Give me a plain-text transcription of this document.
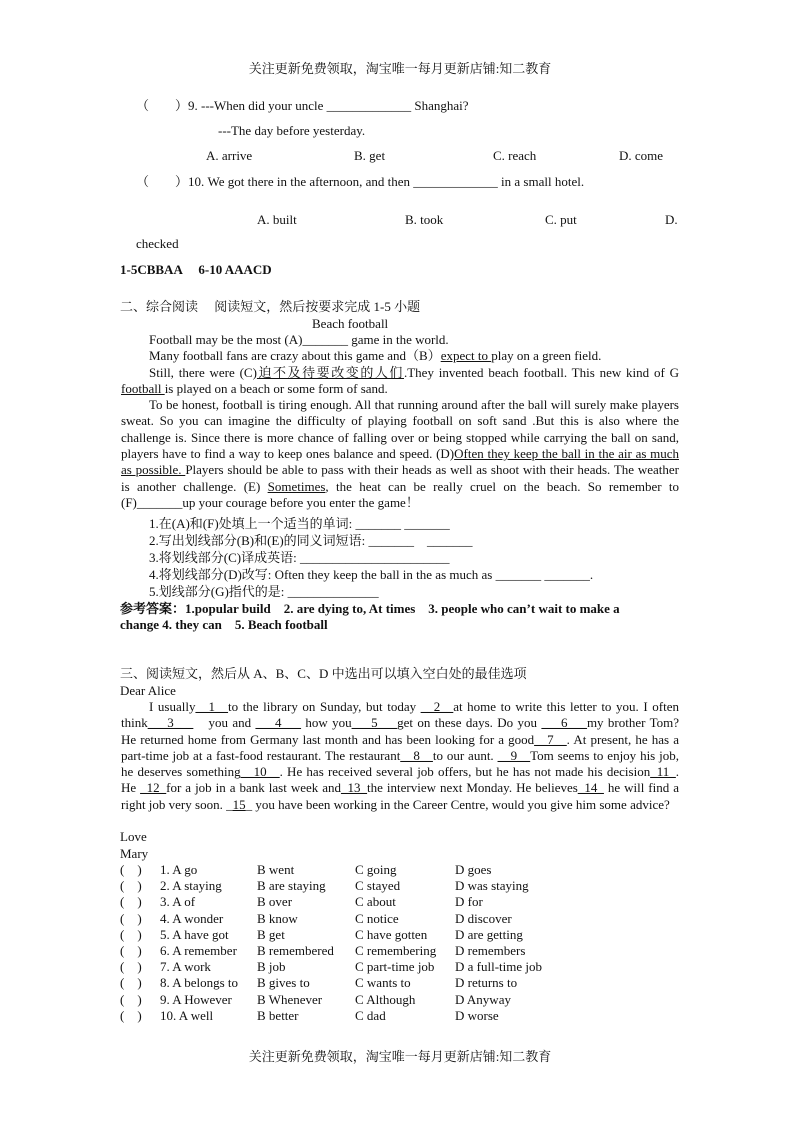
关注更新免费领取，淘宝唯一每月更新店铺:知二教育
（　　）9. ---When did your uncle _____________ Shanghai?
---The day before yesterday.
A. arrive	B. get	C. reach	D. come
（　　）10. We got there in the afternoon, and then _____________ in a small hotel.
A. built	B. took	C. put	D.
checked
1-5CBBAA　 6-10 AAACD
二、综合阅读　 阅读短文，然后按要求完成 1-5 小题
Beach football

Football may be the most (A)_______ game in the world.

Many football fans are crazy about this game and（B）expect to play on a green field.

Still, there were (C)迫不及待要改变的人们.They invented beach football. This new kind of G football is played on a beach or some form of sand.

To be honest, football is tiring enough. All that running around after the ball will surely make players sweat. So you can imagine the difficulty of playing football on soft sand .But this is also where the challenge is. Since there is more chance of falling over or being stopped while carrying the ball on sand, players have to find a way to keep ones balance and speed. (D)Often they keep the ball in the air as much as possible. Players should be able to pass with their heads as well as shoot with their heads. The weather is another challenge. (E) Sometimes, the heat can be really cruel on the beach. So remember to (F)_______up your courage before you enter the game！

1.在(A)和(F)处填上一个适当的单词: _______ _______
2.写出划线部分(B)和(E)的同义词短语: _______　_______
3.将划线部分(C)译成英语: _______________________
4.将划线部分(D)改写: Often they keep the ball in the as much as _______ _______.
5.划线部分(G)指代的是: ______________
参考答案：1.popular build　2. are dying to, At times　3. people who can’t wait to make a
change 4. they can　5. Beach football
三、阅读短文，然后从 A、B、C、D 中选出可以填入空白处的最佳选项
Dear Alice

I usually__1__to the library on Sunday, but today __2__at home to write this letter to you. I often think___3___　you and ___4___ how you___5___get on these days. Do you ___6___my brother Tom? He returned home from Germany last month and has been looking for a good__7__. At present, he has a part-time job at a fast-food restaurant. The restaurant__8__to our aunt. __9__Tom seems to enjoy his job, he deserves something__10__. He has received several job offers, but he has not made his decision_11_. He _12_for a job in a bank last week and_13_the interview next Monday. He believes_14_ he will find a right job very soon. _15_ you have been working in the Career Centre, would you give him some advice?

Love
Mary
(　) 1. A go	B went	C going	D goes
(　) 2. A staying	B are staying C stayed	D was staying
(　) 3. A of	B over	C about	D for
(　) 4. A wonder	B know	C notice	D discover
(　) 5. A have got B get	C have gotten D are getting
(　) 6. A remember B remembered C remembering D remembers
(　) 7. A work	B job	C part-time job D a full-time job
(　) 8. A belongs to B gives to	C wants to	D returns to
(　) 9. A However B Whenever	C Although	D Anyway
(　) 10. A well	B better	C dad	D worse
关注更新免费领取，淘宝唯一每月更新店铺:知二教育
